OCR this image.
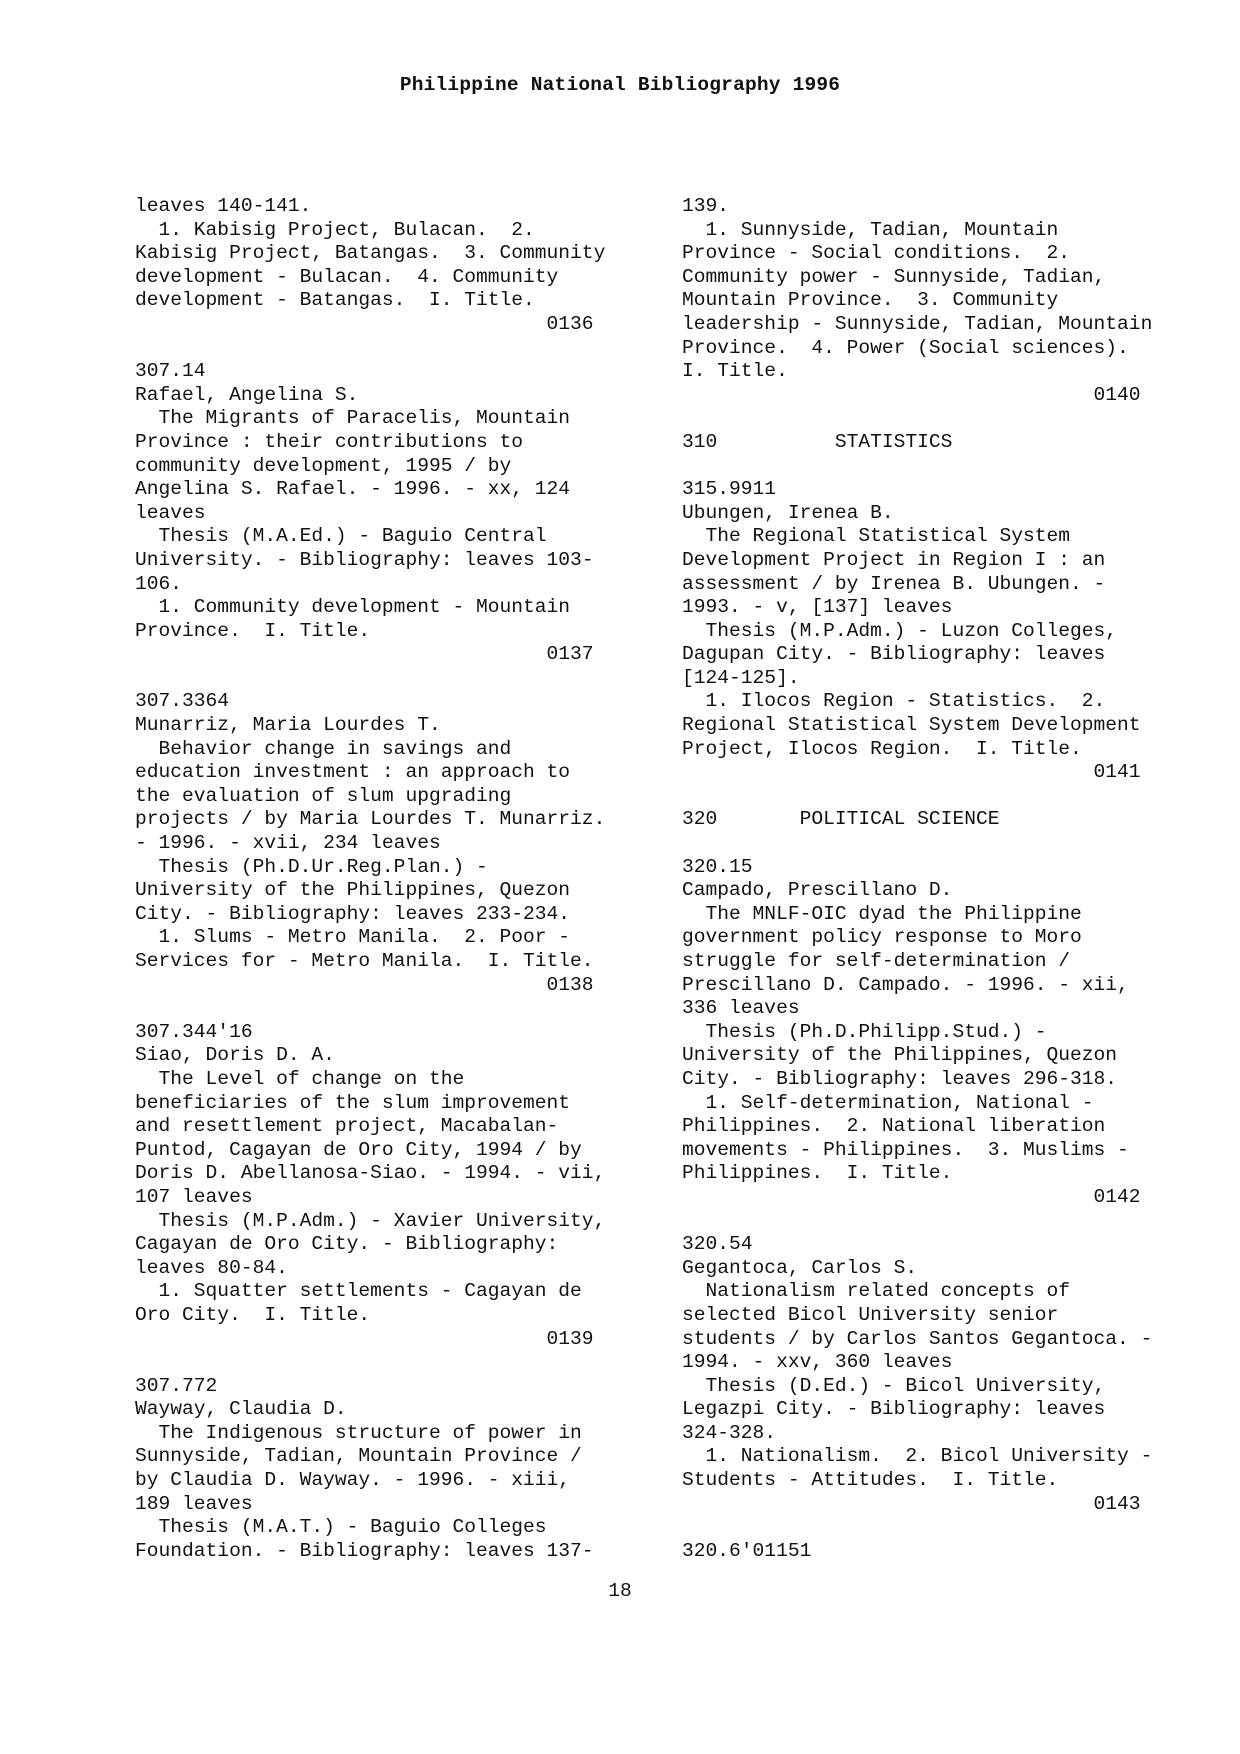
Philippine National Bibliography 1996
leaves 140-141.
1. Kabisig Project, Bulacan.  2.
Kabisig Project, Batangas.  3. Community
development - Bulacan.  4. Community
development - Batangas.  I. Title.
0136
307.14
Rafael, Angelina S.
The Migrants of Paracelis, Mountain
Province : their contributions to
community development, 1995 / by
Angelina S. Rafael. - 1996. - xx, 124
leaves
Thesis (M.A.Ed.) - Baguio Central
University. - Bibliography: leaves 103-
106.
1. Community development - Mountain
Province.  I. Title.
0137
307.3364
Munarriz, Maria Lourdes T.
Behavior change in savings and
education investment : an approach to
the evaluation of slum upgrading
projects / by Maria Lourdes T. Munarriz.
- 1996. - xvii, 234 leaves
Thesis (Ph.D.Ur.Reg.Plan.) -
University of the Philippines, Quezon
City. - Bibliography: leaves 233-234.
1. Slums - Metro Manila.  2. Poor -
Services for - Metro Manila.  I. Title.
0138
307.344'16
Siao, Doris D. A.
The Level of change on the
beneficiaries of the slum improvement
and resettlement project, Macabalan-
Puntod, Cagayan de Oro City, 1994 / by
Doris D. Abellanosa-Siao. - 1994. - vii,
107 leaves
Thesis (M.P.Adm.) - Xavier University,
Cagayan de Oro City. - Bibliography:
leaves 80-84.
1. Squatter settlements - Cagayan de
Oro City.  I. Title.
0139
307.772
Wayway, Claudia D.
The Indigenous structure of power in
Sunnyside, Tadian, Mountain Province /
by Claudia D. Wayway. - 1996. - xiii,
189 leaves
Thesis (M.A.T.) - Baguio Colleges
Foundation. - Bibliography: leaves 137-
139.
1. Sunnyside, Tadian, Mountain
Province - Social conditions.  2.
Community power - Sunnyside, Tadian,
Mountain Province.  3. Community
leadership - Sunnyside, Tadian, Mountain
Province.  4. Power (Social sciences).
I. Title.
0140
310          STATISTICS
315.9911
Ubungen, Irenea B.
The Regional Statistical System
Development Project in Region I : an
assessment / by Irenea B. Ubungen. -
1993. - v, [137] leaves
Thesis (M.P.Adm.) - Luzon Colleges,
Dagupan City. - Bibliography: leaves
[124-125].
1. Ilocos Region - Statistics.  2.
Regional Statistical System Development
Project, Ilocos Region.  I. Title.
0141
320       POLITICAL SCIENCE
320.15
Campado, Prescillano D.
The MNLF-OIC dyad the Philippine
government policy response to Moro
struggle for self-determination /
Prescillano D. Campado. - 1996. - xii,
336 leaves
Thesis (Ph.D.Philipp.Stud.) -
University of the Philippines, Quezon
City. - Bibliography: leaves 296-318.
1. Self-determination, National -
Philippines.  2. National liberation
movements - Philippines.  3. Muslims -
Philippines.  I. Title.
0142
320.54
Gegantoca, Carlos S.
Nationalism related concepts of
selected Bicol University senior
students / by Carlos Santos Gegantoca. -
1994. - xxv, 360 leaves
Thesis (D.Ed.) - Bicol University,
Legazpi City. - Bibliography: leaves
324-328.
1. Nationalism.  2. Bicol University -
Students - Attitudes.  I. Title.
0143
320.6'01151
18
